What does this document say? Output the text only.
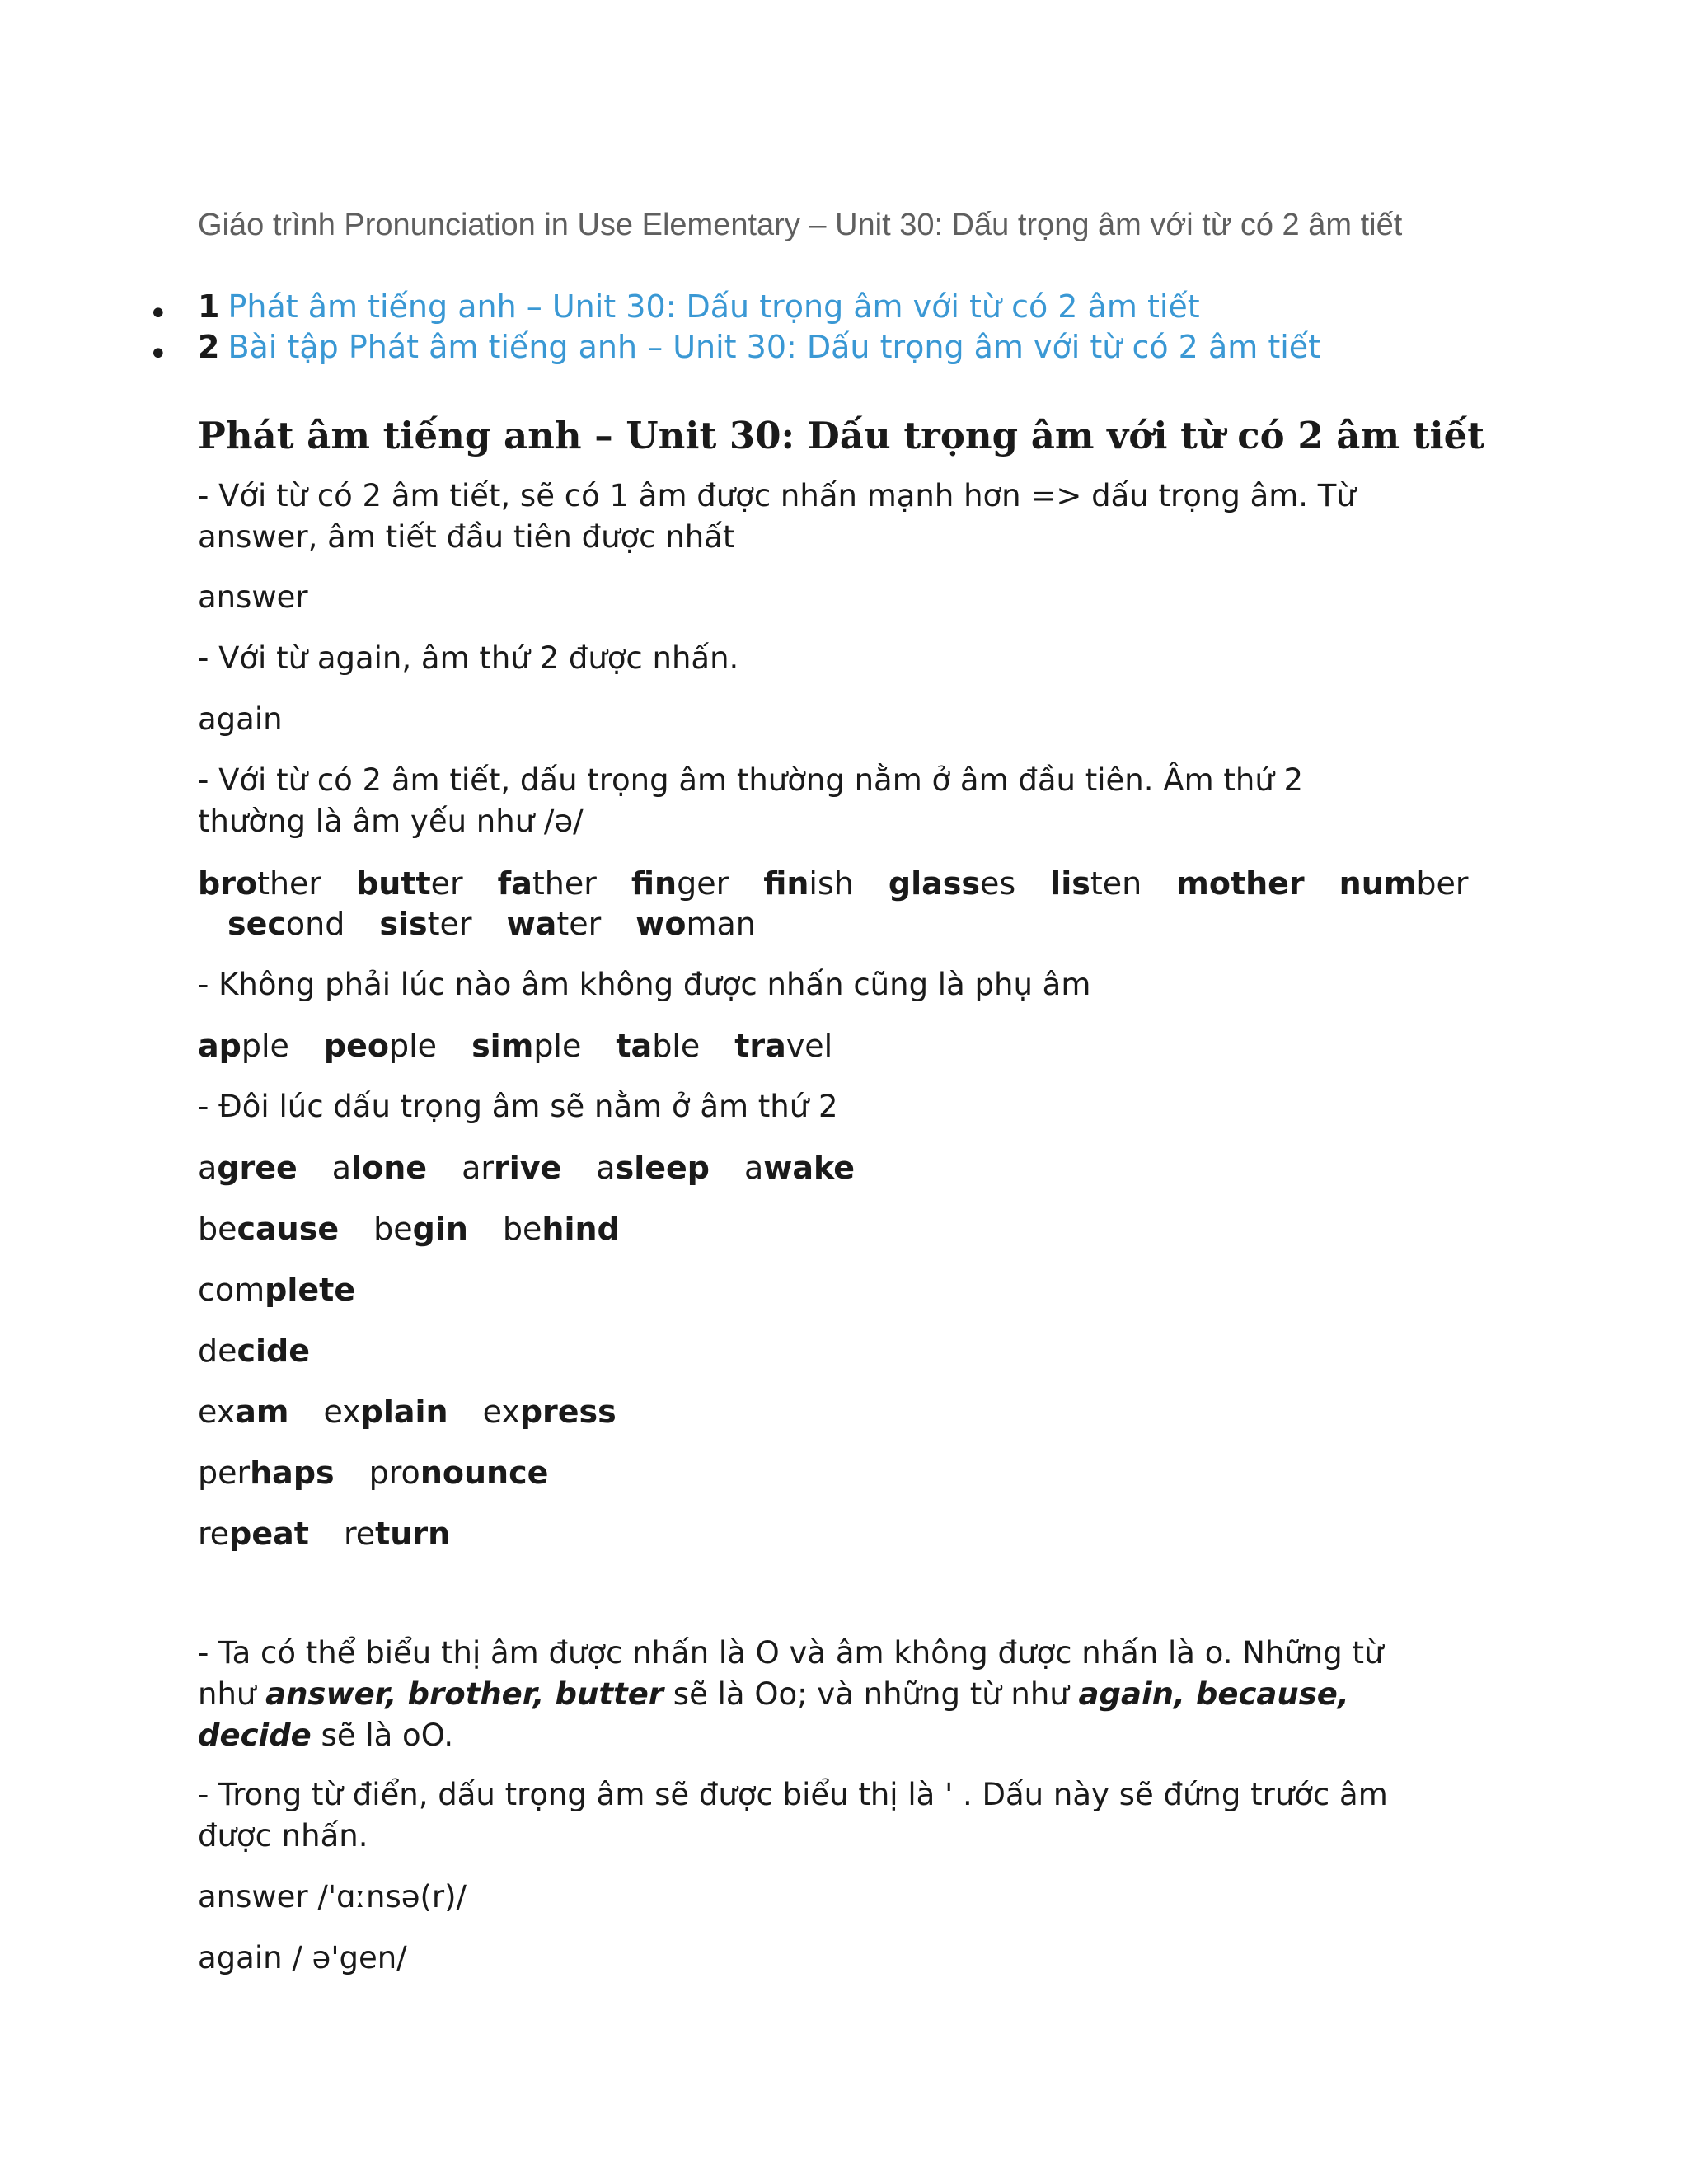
Giáo trình Pronunciation in Use Elementary – Unit 30: Dấu trọng âm với từ có 2 âm tiết
• 1 Phát âm tiếng anh – Unit 30: Dấu trọng âm với từ có 2 âm tiết
• 2 Bài tập Phát âm tiếng anh – Unit 30: Dấu trọng âm với từ có 2 âm tiết
Phát âm tiếng anh – Unit 30: Dấu trọng âm với từ có 2 âm tiết
- Với từ có 2 âm tiết, sẽ có 1 âm được nhấn mạnh hơn => dấu trọng âm. Từ
answer, âm tiết đầu tiên được nhất
answer
- Với từ again, âm thứ 2 được nhấn.
again
- Với từ có 2 âm tiết, dấu trọng âm thường nằm ở âm đầu tiên. Âm thứ 2
thường là âm yếu như /ə/
brother butter father finger finish glasses listen mother number
second sister water woman
- Không phải lúc nào âm không được nhấn cũng là phụ âm
apple people simple table travel
- Đôi lúc dấu trọng âm sẽ nằm ở âm thứ 2
agree alone arrive asleep awake
because begin behind
complete
decide
exam explain express
perhaps pronounce
repeat return
- Ta có thể biểu thị âm được nhấn là O và âm không được nhấn là o. Những từ
như answer, brother, butter sẽ là Oo; và những từ như again, because,
decide sẽ là oO.
- Trong từ điển, dấu trọng âm sẽ được biểu thị là ' . Dấu này sẽ đứng trước âm
được nhấn.
answer /'ɑːnsə(r)/
again / ə'gen/
